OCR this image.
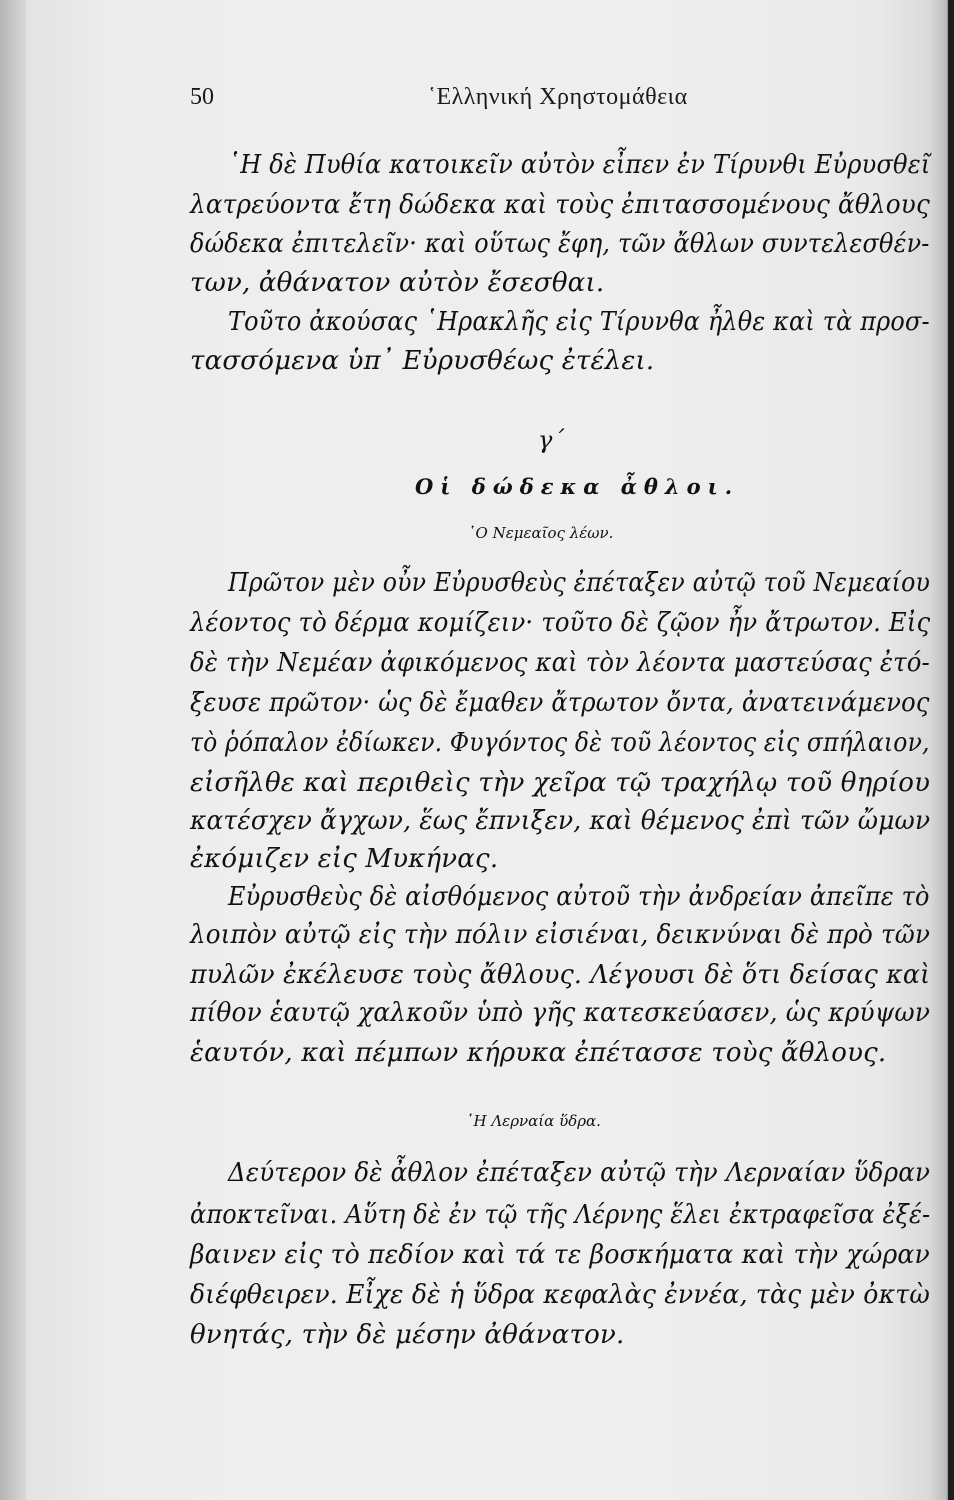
50	῾Ελληνική Χρηστομάθεια
῾Η δὲ Πυθία κατοικεῖν αὐτὸν εἶπεν ἐν Τίρυνθι Εὐρυσθεῖ
λατρεύοντα ἔτη δώδεκα καὶ τοὺς ἐπιτασσομένους ἄθλους
δώδεκα ἐπιτελεῖν· καὶ οὕτως ἔφη, τῶν ἄθλων συντελεσθέν-
των, ἀθάνατον αὐτὸν ἔσεσθαι.
Τοῦτο ἀκούσας ῾Ηρακλῆς εἰς Τίρυνθα ἦλθε καὶ τὰ προσ-
τασσόμενα ὑπ᾽ Εὐρυσθέως ἐτέλει.
γ΄
Οἱ δώδεκα ἆθλοι.
῾Ο Νεμεαῖος λέων.
Πρῶτον μὲν οὖν Εὐρυσθεὺς ἐπέταξεν αὐτῷ τοῦ Νεμεαίου
λέοντος τὸ δέρμα κομίζειν· τοῦτο δὲ ζῷον ἦν ἄτρωτον. Εἰς
δὲ τὴν Νεμέαν ἀφικόμενος καὶ τὸν λέοντα μαστεύσας ἐτό-
ξευσε πρῶτον· ὡς δὲ ἔμαθεν ἄτρωτον ὄντα, ἀνατεινάμενος
τὸ ῥόπαλον ἐδίωκεν. Φυγόντος δὲ τοῦ λέοντος εἰς σπήλαιον,
εἰσῆλθε καὶ περιθεὶς τὴν χεῖρα τῷ τραχήλῳ τοῦ θηρίου
κατέσχεν ἄγχων, ἕως ἔπνιξεν, καὶ θέμενος ἐπὶ τῶν ὤμων
ἐκόμιζεν εἰς Μυκήνας.
Εὐρυσθεὺς δὲ αἰσθόμενος αὐτοῦ τὴν ἀνδρείαν ἀπεῖπε τὸ
λοιπὸν αὐτῷ εἰς τὴν πόλιν εἰσιέναι, δεικνύναι δὲ πρὸ τῶν
πυλῶν ἐκέλευσε τοὺς ἄθλους. Λέγουσι δὲ ὅτι δείσας καὶ
πίθον ἑαυτῷ χαλκοῦν ὑπὸ γῆς κατεσκεύασεν, ὡς κρύψων
ἑαυτόν, καὶ πέμπων κήρυκα ἐπέτασσε τοὺς ἄθλους.
῾Η Λερναία ὕδρα.
Δεύτερον δὲ ἆθλον ἐπέταξεν αὐτῷ τὴν Λερναίαν ὕδραν
ἀποκτεῖναι. Αὕτη δὲ ἐν τῷ τῆς Λέρνης ἕλει ἐκτραφεῖσα ἐξέ-
βαινεν εἰς τὸ πεδίον καὶ τά τε βοσκήματα καὶ τὴν χώραν
διέφθειρεν. Εἶχε δὲ ἡ ὕδρα κεφαλὰς ἐννέα, τὰς μὲν ὀκτὼ
θνητάς, τὴν δὲ μέσην ἀθάνατον.
